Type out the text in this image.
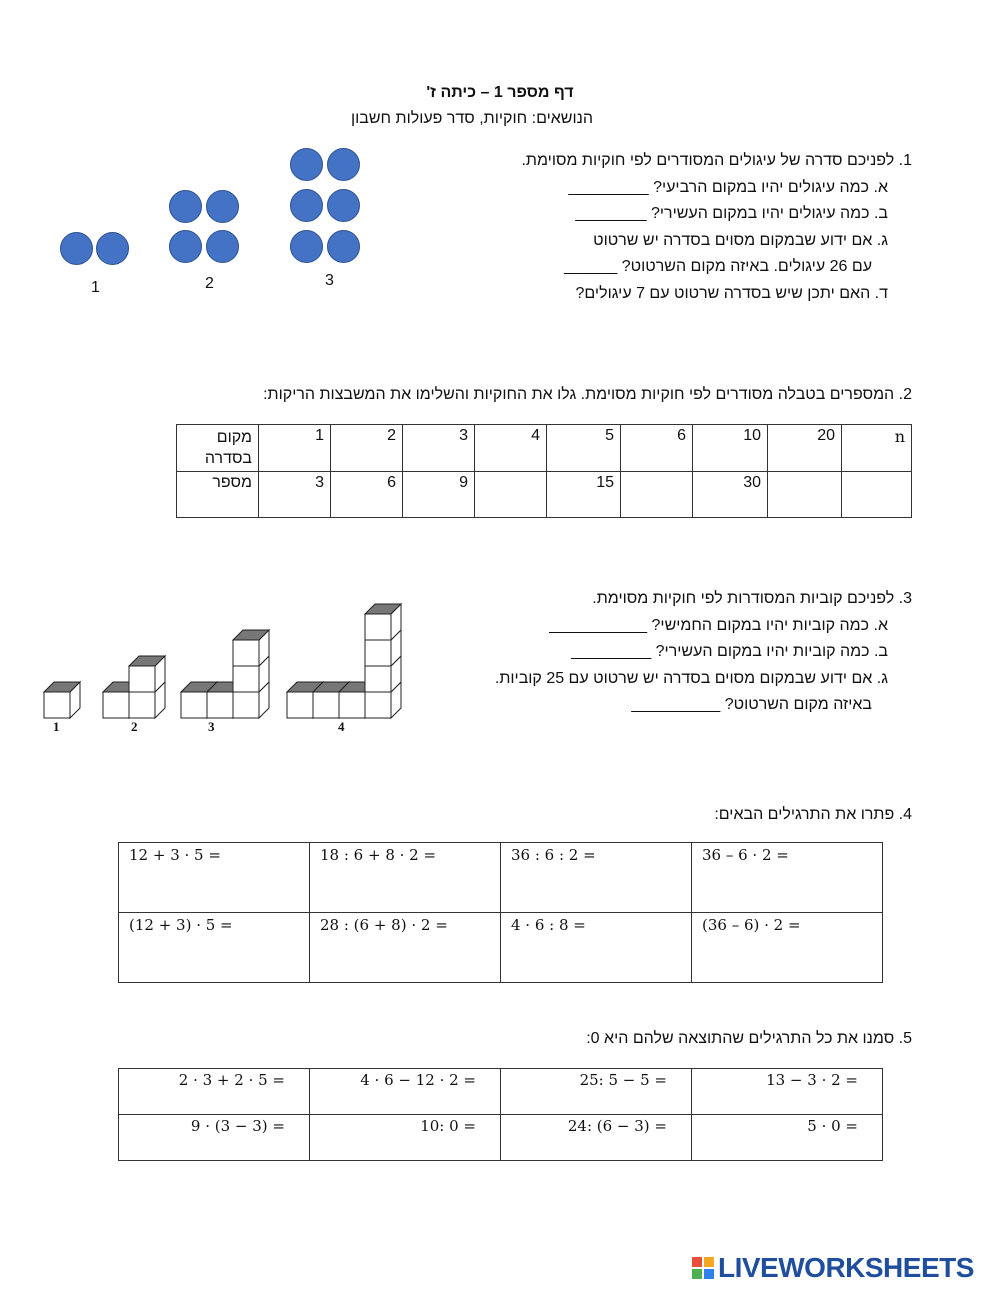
דף מספר 1 – כיתה ז'
הנושאים: חוקיות, סדר פעולות חשבון
1. לפניכם סדרה של עיגולים המסודרים לפי חוקיות מסוימת.
א. כמה עיגולים יהיו במקום הרביעי? _________
ב. כמה עיגולים יהיו במקום העשירי? ________
ג. אם ידוע שבמקום מסוים בסדרה יש שרטוט
עם 26 עיגולים. באיזה מקום השרטוט? ______
ד. האם יתכן שיש בסדרה שרטוט עם 7 עיגולים?
1	2	3
2. המספרים בטבלה מסודרים לפי חוקיות מסוימת. גלו את החוקיות והשלימו את המשבצות הריקות:
מקום בסדרה	1	2	3	4	5	6	10	20	n
מספר	3	6	9		15		30		
3. לפניכם קוביות המסודרות לפי חוקיות מסוימת.
א. כמה קוביות יהיו במקום החמישי? ___________
ב. כמה קוביות יהיו במקום העשירי? _________
ג. אם ידוע שבמקום מסוים בסדרה יש שרטוט עם 25 קוביות.
באיזה מקום השרטוט? __________
1	2	3	4
4. פתרו את התרגילים הבאים:
12 + 3 · 5 =	18 : 6 + 8 · 2 =	36 : 6 : 2 =	36 – 6 · 2 =
(12 + 3) · 5 =	28 : (6 + 8) · 2 =	4 · 6 : 8 =	(36 – 6) · 2 =
5. סמנו את כל התרגילים שהתוצאה שלהם היא 0:
2 · 3 + 2 · 5 =	4 · 6 − 12 · 2 =	25: 5 − 5 =	13 − 3 · 2 =
9 · (3 − 3) =	10: 0 =	24: (6 − 3) =	5 · 0 =
LIVEWORKSHEETS
